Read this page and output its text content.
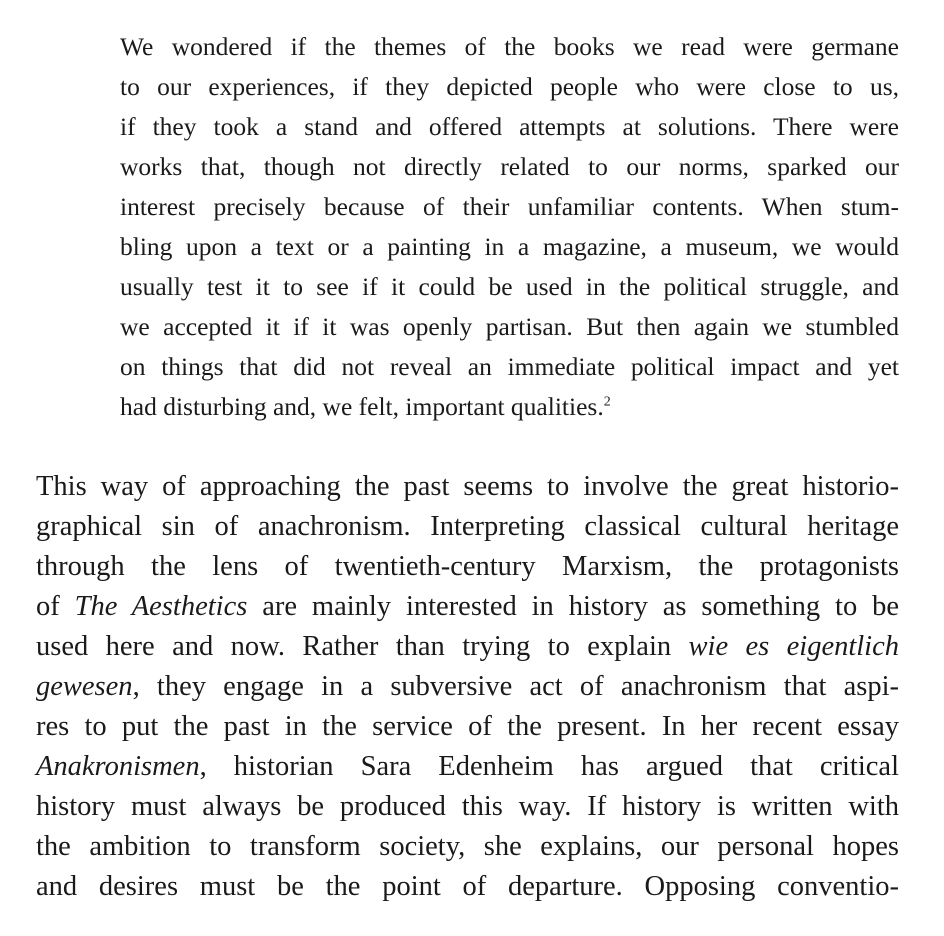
We wondered if the themes of the books we read were germane
to our experiences, if they depicted people who were close to us,
if they took a stand and offered attempts at solutions. There were
works that, though not directly related to our norms, sparked our
interest precisely because of their unfamiliar contents. When stum-
bling upon a text or a painting in a magazine, a museum, we would
usually test it to see if it could be used in the political struggle, and
we accepted it if it was openly partisan. But then again we stumbled
on things that did not reveal an immediate political impact and yet
had disturbing and, we felt, important qualities.$^2$
This way of approaching the past seems to involve the great historio-
graphical sin of anachronism. Interpreting classical cultural heritage
through the lens of twentieth-century Marxism, the protagonists
of The Aesthetics are mainly interested in history as something to be
used here and now. Rather than trying to explain wie es eigentlich
gewesen, they engage in a subversive act of anachronism that aspi-
res to put the past in the service of the present. In her recent essay
Anakronismen, historian Sara Edenheim has argued that critical
history must always be produced this way. If history is written with
the ambition to transform society, she explains, our personal hopes
and desires must be the point of departure. Opposing conventio-
